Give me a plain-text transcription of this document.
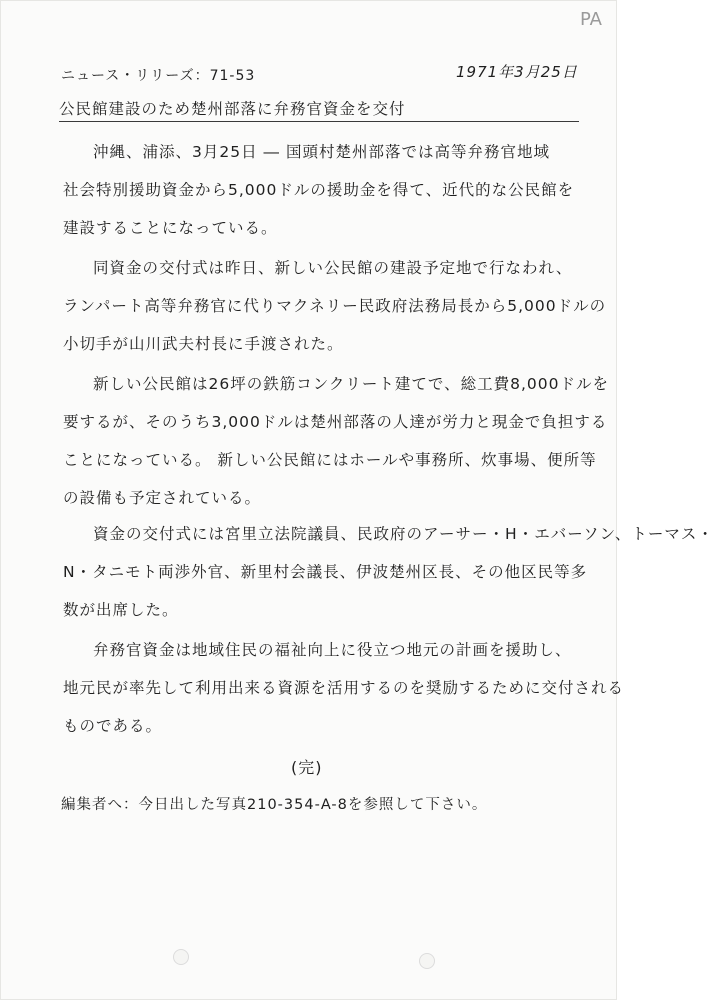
PA
ニュース・リリーズ：71-53	1971年3月25日
公民館建設のため楚州部落に弁務官資金を交付
沖縄、浦添、3月25日 ― 国頭村楚州部落では高等弁務官地域
社会特別援助資金から5,000ドルの援助金を得て、近代的な公民館を
建設することになっている。
同資金の交付式は昨日、新しい公民館の建設予定地で行なわれ、
ランパート高等弁務官に代りマクネリー民政府法務局長から5,000ドルの
小切手が山川武夫村長に手渡された。
新しい公民館は26坪の鉄筋コンクリート建てで、総工費8,000ドルを
要するが、そのうち3,000ドルは楚州部落の人達が労力と現金で負担する
ことになっている。 新しい公民館にはホールや事務所、炊事場、便所等
の設備も予定されている。
資金の交付式には宮里立法院議員、民政府のアーサー・H・エバーソン、トーマス・
N・タニモト両渉外官、新里村会議長、伊波楚州区長、その他区民等多
数が出席した。
弁務官資金は地域住民の福祉向上に役立つ地元の計画を援助し、
地元民が率先して利用出来る資源を活用するのを奨励するために交付される
ものである。
(完)
編集者へ：今日出した写真210-354-A-8を参照して下さい。
